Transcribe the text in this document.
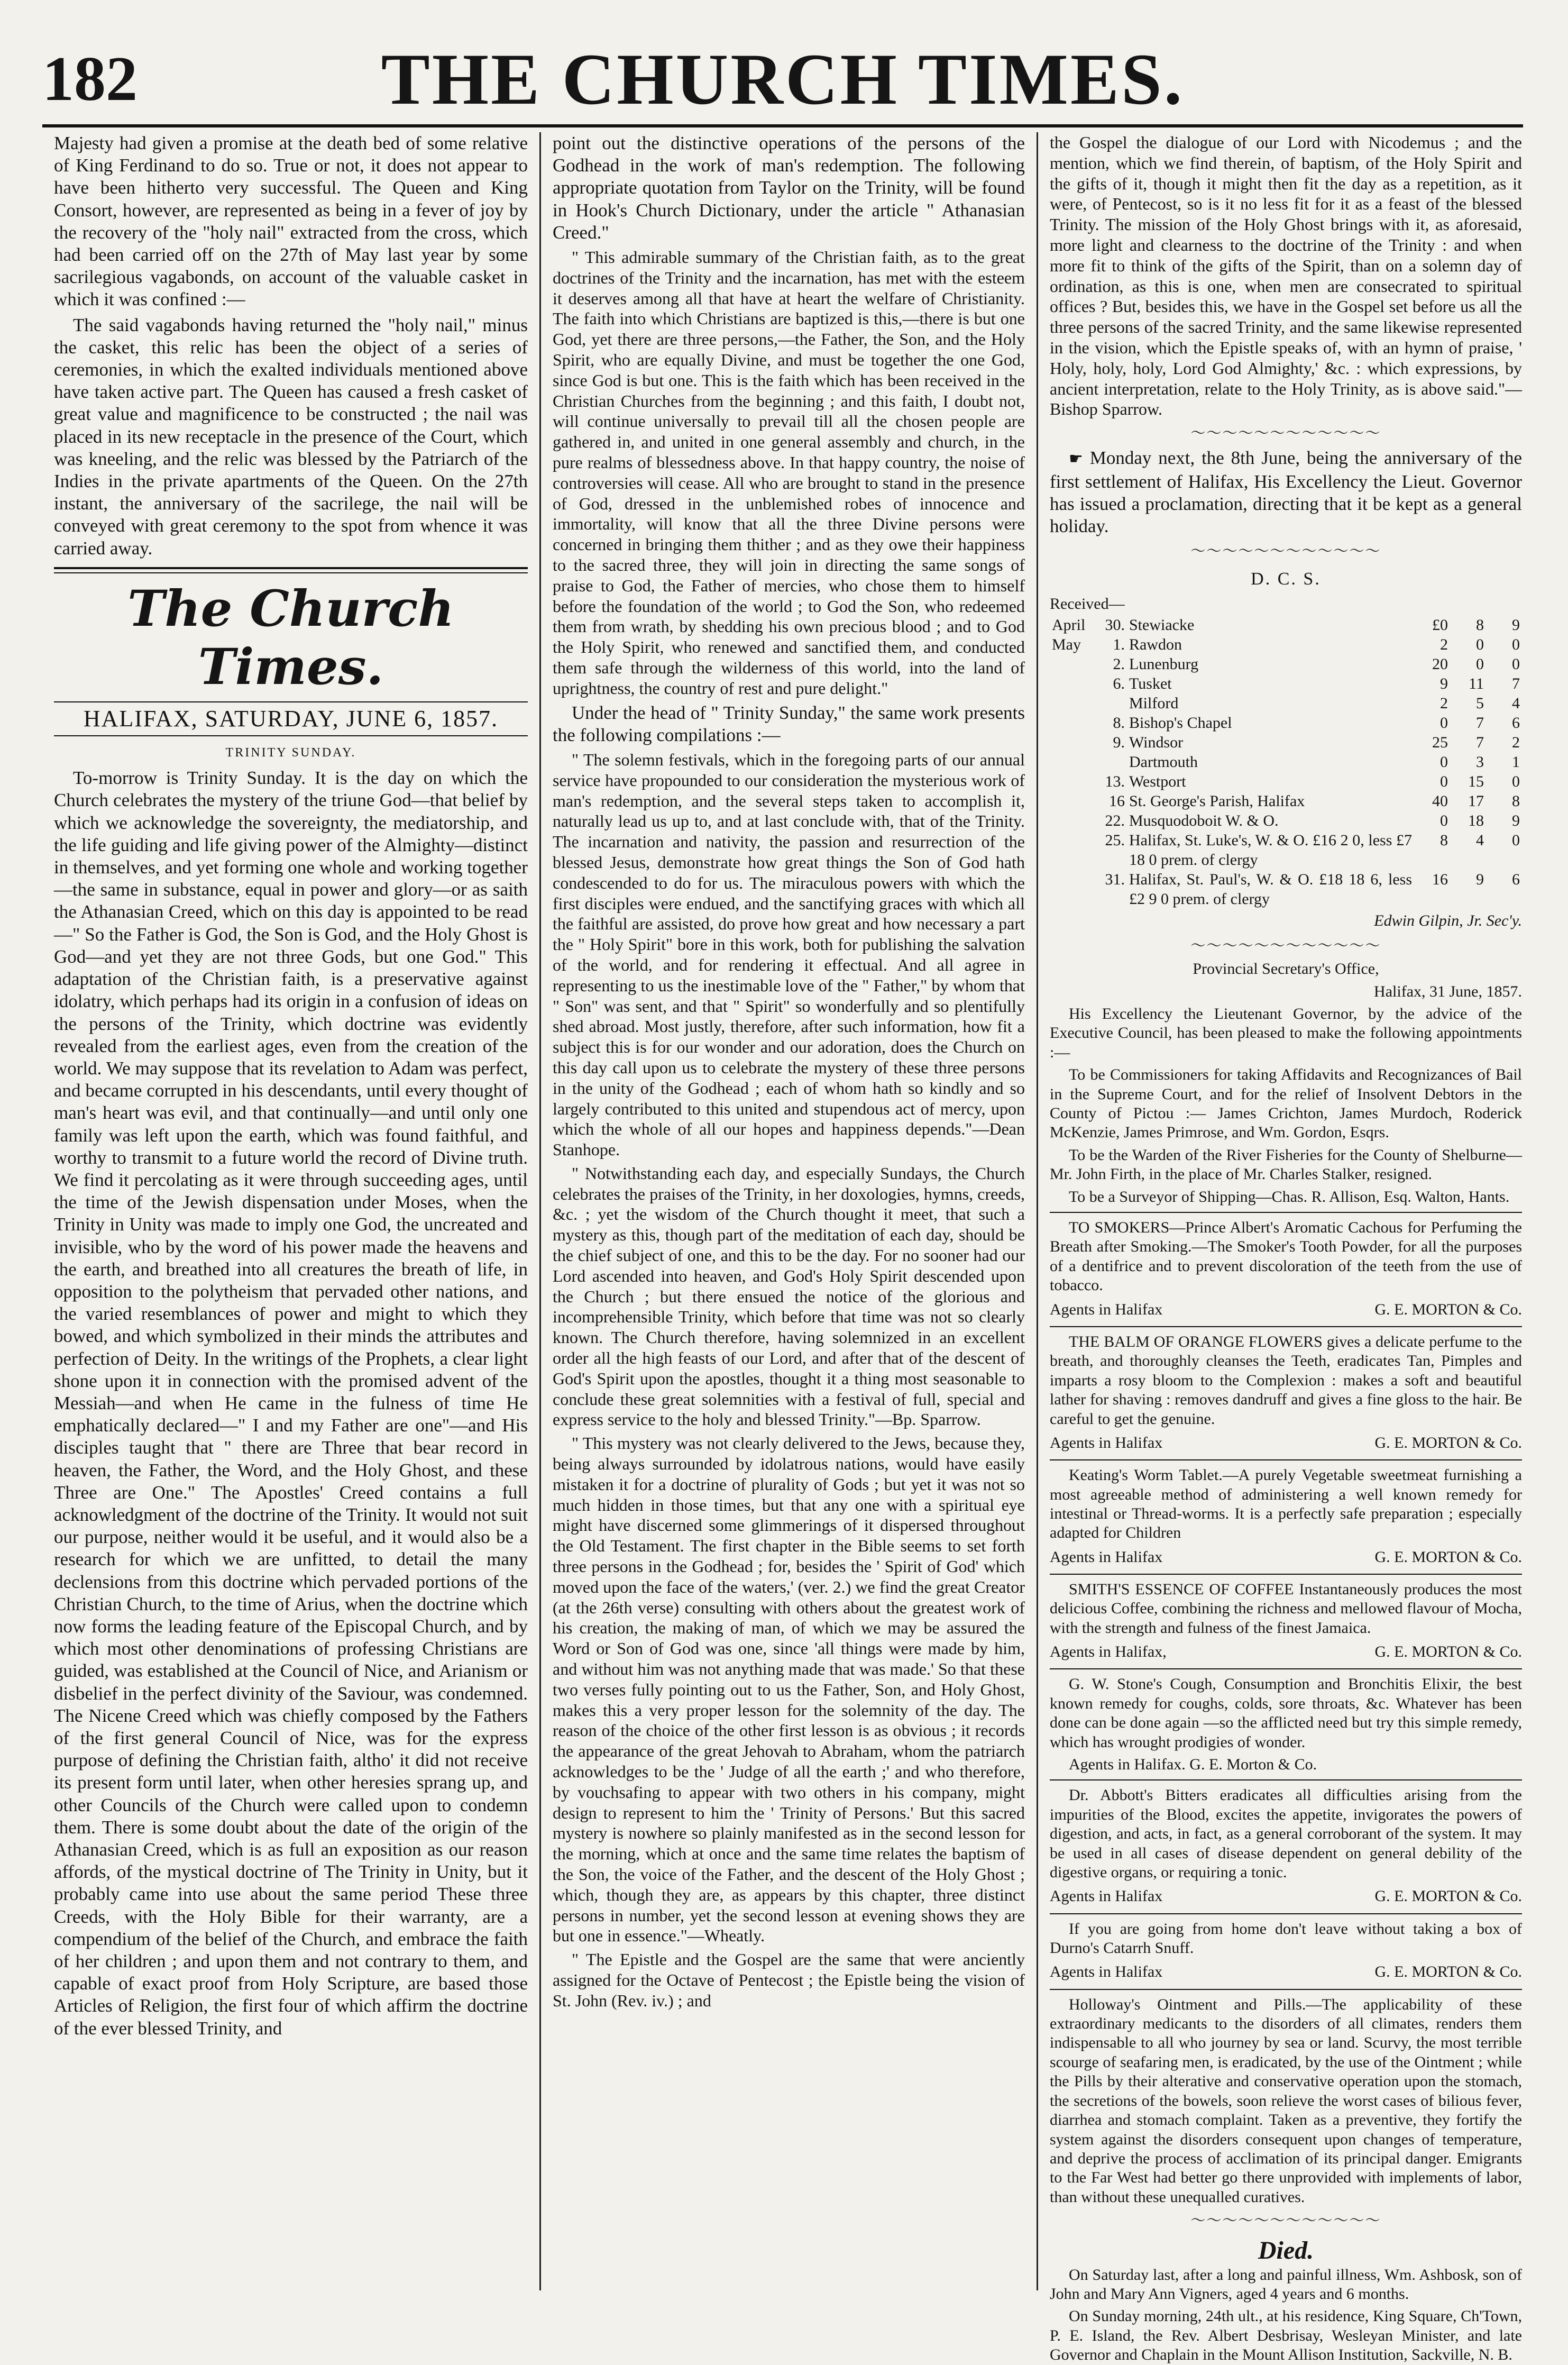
182	THE CHURCH TIMES.

Majesty had given a promise at the death bed of some relative of King Ferdinand to do so. True or not, it does not appear to have been hitherto very successful. The Queen and King Consort, however, are represented as being in a fever of joy by the recovery of the "holy nail" extracted from the cross, which had been carried off on the 27th of May last year by some sacrilegious vagabonds, on account of the valuable casket in which it was confined :—

The said vagabonds having returned the "holy nail," minus the casket, this relic has been the object of a series of ceremonies, in which the exalted individuals mentioned above have taken active part. The Queen has caused a fresh casket of great value and magnificence to be constructed ; the nail was placed in its new receptacle in the presence of the Court, which was kneeling, and the relic was blessed by the Patriarch of the Indies in the private apartments of the Queen. On the 27th instant, the anniversary of the sacrilege, the nail will be conveyed with great ceremony to the spot from whence it was carried away.

The Church Times.
HALIFAX, SATURDAY, JUNE 6, 1857.
TRINITY SUNDAY.

To-morrow is Trinity Sunday. It is the day on which the Church celebrates the mystery of the triune God—that belief by which we acknowledge the sovereignty, the mediatorship, and the life guiding and life giving power of the Almighty—distinct in themselves, and yet forming one whole and working together—the same in substance, equal in power and glory—or as saith the Athanasian Creed, which on this day is appointed to be read—" So the Father is God, the Son is God, and the Holy Ghost is God—and yet they are not three Gods, but one God." This adaptation of the Christian faith, is a preservative against idolatry, which perhaps had its origin in a confusion of ideas on the persons of the Trinity, which doctrine was evidently revealed from the earliest ages, even from the creation of the world. We may suppose that its revelation to Adam was perfect, and became corrupted in his descendants, until every thought of man's heart was evil, and that continually—and until only one family was left upon the earth, which was found faithful, and worthy to transmit to a future world the record of Divine truth. We find it percolating as it were through succeeding ages, until the time of the Jewish dispensation under Moses, when the Trinity in Unity was made to imply one God, the uncreated and invisible, who by the word of his power made the heavens and the earth, and breathed into all creatures the breath of life, in opposition to the polytheism that pervaded other nations, and the varied resemblances of power and might to which they bowed, and which symbolized in their minds the attributes and perfection of Deity. In the writings of the Prophets, a clear light shone upon it in connection with the promised advent of the Messiah—and when He came in the fulness of time He emphatically declared—" I and my Father are one"—and His disciples taught that " there are Three that bear record in heaven, the Father, the Word, and the Holy Ghost, and these Three are One." The Apostles' Creed contains a full acknowledgment of the doctrine of the Trinity. It would not suit our purpose, neither would it be useful, and it would also be a research for which we are unfitted, to detail the many declensions from this doctrine which pervaded portions of the Christian Church, to the time of Arius, when the doctrine which now forms the leading feature of the Episcopal Church, and by which most other denominations of professing Christians are guided, was established at the Council of Nice, and Arianism or disbelief in the perfect divinity of the Saviour, was condemned. The Nicene Creed which was chiefly composed by the Fathers of the first general Council of Nice, was for the express purpose of defining the Christian faith, altho' it did not receive its present form until later, when other heresies sprang up, and other Councils of the Church were called upon to condemn them. There is some doubt about the date of the origin of the Athanasian Creed, which is as full an exposition as our reason affords, of the mystical doctrine of The Trinity in Unity, but it probably came into use about the same period These three Creeds, with the Holy Bible for their warranty, are a compendium of the belief of the Church, and embrace the faith of her children ; and upon them and not contrary to them, and capable of exact proof from Holy Scripture, are based those Articles of Religion, the first four of which affirm the doctrine of the ever blessed Trinity, and

point out the distinctive operations of the persons of the Godhead in the work of man's redemption. The following appropriate quotation from Taylor on the Trinity, will be found in Hook's Church Dictionary, under the article " Athanasian Creed."

" This admirable summary of the Christian faith, as to the great doctrines of the Trinity and the incarnation, has met with the esteem it deserves among all that have at heart the welfare of Christianity. The faith into which Christians are baptized is this,—there is but one God, yet there are three persons,—the Father, the Son, and the Holy Spirit, who are equally Divine, and must be together the one God, since God is but one. This is the faith which has been received in the Christian Churches from the beginning ; and this faith, I doubt not, will continue universally to prevail till all the chosen people are gathered in, and united in one general assembly and church, in the pure realms of blessedness above. In that happy country, the noise of controversies will cease. All who are brought to stand in the presence of God, dressed in the unblemished robes of innocence and immortality, will know that all the three Divine persons were concerned in bringing them thither ; and as they owe their happiness to the sacred three, they will join in directing the same songs of praise to God, the Father of mercies, who chose them to himself before the foundation of the world ; to God the Son, who redeemed them from wrath, by shedding his own precious blood ; and to God the Holy Spirit, who renewed and sanctified them, and conducted them safe through the wilderness of this world, into the land of uprightness, the country of rest and pure delight."

Under the head of " Trinity Sunday," the same work presents the following compilations :—

" The solemn festivals, which in the foregoing parts of our annual service have propounded to our consideration the mysterious work of man's redemption, and the several steps taken to accomplish it, naturally lead us up to, and at last conclude with, that of the Trinity. The incarnation and nativity, the passion and resurrection of the blessed Jesus, demonstrate how great things the Son of God hath condescended to do for us. The miraculous powers with which the first disciples were endued, and the sanctifying graces with which all the faithful are assisted, do prove how great and how necessary a part the " Holy Spirit" bore in this work, both for publishing the salvation of the world, and for rendering it effectual. And all agree in representing to us the inestimable love of the " Father," by whom that " Son" was sent, and that " Spirit" so wonderfully and so plentifully shed abroad. Most justly, therefore, after such information, how fit a subject this is for our wonder and our adoration, does the Church on this day call upon us to celebrate the mystery of these three persons in the unity of the Godhead ; each of whom hath so kindly and so largely contributed to this united and stupendous act of mercy, upon which the whole of all our hopes and happiness depends."—Dean Stanhope.

" Notwithstanding each day, and especially Sundays, the Church celebrates the praises of the Trinity, in her doxologies, hymns, creeds, &c. ; yet the wisdom of the Church thought it meet, that such a mystery as this, though part of the meditation of each day, should be the chief subject of one, and this to be the day. For no sooner had our Lord ascended into heaven, and God's Holy Spirit descended upon the Church ; but there ensued the notice of the glorious and incomprehensible Trinity, which before that time was not so clearly known. The Church therefore, having solemnized in an excellent order all the high feasts of our Lord, and after that of the descent of God's Spirit upon the apostles, thought it a thing most seasonable to conclude these great solemnities with a festival of full, special and express service to the holy and blessed Trinity."—Bp. Sparrow.

" This mystery was not clearly delivered to the Jews, because they, being always surrounded by idolatrous nations, would have easily mistaken it for a doctrine of plurality of Gods ; but yet it was not so much hidden in those times, but that any one with a spiritual eye might have discerned some glimmerings of it dispersed throughout the Old Testament. The first chapter in the Bible seems to set forth three persons in the Godhead ; for, besides the ' Spirit of God' which moved upon the face of the waters,' (ver. 2.) we find the great Creator (at the 26th verse) consulting with others about the greatest work of his creation, the making of man, of which we may be assured the Word or Son of God was one, since 'all things were made by him, and without him was not anything made that was made.' So that these two verses fully pointing out to us the Father, Son, and Holy Ghost, makes this a very proper lesson for the solemnity of the day. The reason of the choice of the other first lesson is as obvious ; it records the appearance of the great Jehovah to Abraham, whom the patriarch acknowledges to be the ' Judge of all the earth ;' and who therefore, by vouchsafing to appear with two others in his company, might design to represent to him the ' Trinity of Persons.' But this sacred mystery is nowhere so plainly manifested as in the second lesson for the morning, which at once and the same time relates the baptism of the Son, the voice of the Father, and the descent of the Holy Ghost ; which, though they are, as appears by this chapter, three distinct persons in number, yet the second lesson at evening shows they are but one in essence."—Wheatly.

" The Epistle and the Gospel are the same that were anciently assigned for the Octave of Pentecost ; the Epistle being the vision of St. John (Rev. iv.) ; and

the Gospel the dialogue of our Lord with Nicodemus ; and the mention, which we find therein, of baptism, of the Holy Spirit and the gifts of it, though it might then fit the day as a repetition, as it were, of Pentecost, so is it no less fit for it as a feast of the blessed Trinity. The mission of the Holy Ghost brings with it, as aforesaid, more light and clearness to the doctrine of the Trinity : and when more fit to think of the gifts of the Spirit, than on a solemn day of ordination, as this is one, when men are consecrated to spiritual offices ? But, besides this, we have in the Gospel set before us all the three persons of the sacred Trinity, and the same likewise represented in the vision, which the Epistle speaks of, with an hymn of praise, ' Holy, holy, holy, Lord God Almighty,' &c. : which expressions, by ancient interpretation, relate to the Holy Trinity, as is above said."—Bishop Sparrow.

～～～～～～～～～～～～

☛ Monday next, the 8th June, being the anniversary of the first settlement of Halifax, His Excellency the Lieut. Governor has issued a proclamation, directing that it be kept as a general holiday.

～～～～～～～～～～～～
D. C. S.
Received—
April	30.	Stewiacke	£0	8	9
May	1.	Rawdon	2	0	0
	2.	Lunenburg	20	0	0
	6.	Tusket	9	11	7
		Milford	2	5	4
	8.	Bishop's Chapel	0	7	6
	9.	Windsor	25	7	2
		Dartmouth	0	3	1
	13.	Westport	0	15	0
	16	St. George's Parish, Halifax	40	17	8
	22.	Musquodoboit W. & O.	0	18	9
	25.	Halifax, St. Luke's, W. & O. £16 2 0, less £7 18 0 prem. of clergy	8	4	0
	31.	Halifax, St. Paul's, W. & O. £18 18 6, less £2 9 0 prem. of clergy	16	9	6
Edwin Gilpin, Jr. Sec'y.
～～～～～～～～～～～～

Provincial Secretary's Office,

Halifax, 31 June, 1857.

His Excellency the Lieutenant Governor, by the advice of the Executive Council, has been pleased to make the following appointments :—

To be Commissioners for taking Affidavits and Recognizances of Bail in the Supreme Court, and for the relief of Insolvent Debtors in the County of Pictou :— James Crichton, James Murdoch, Roderick McKenzie, James Primrose, and Wm. Gordon, Esqrs.

To be the Warden of the River Fisheries for the County of Shelburne—Mr. John Firth, in the place of Mr. Charles Stalker, resigned.

To be a Surveyor of Shipping—Chas. R. Allison, Esq. Walton, Hants.

TO SMOKERS—Prince Albert's Aromatic Cachous for Perfuming the Breath after Smoking.—The Smoker's Tooth Powder, for all the purposes of a dentifrice and to prevent discoloration of the teeth from the use of tobacco.

Agents in Halifax	G. E. MORTON & Co.

THE BALM OF ORANGE FLOWERS gives a delicate perfume to the breath, and thoroughly cleanses the Teeth, eradicates Tan, Pimples and imparts a rosy bloom to the Complexion : makes a soft and beautiful lather for shaving : removes dandruff and gives a fine gloss to the hair. Be careful to get the genuine.

Agents in Halifax	G. E. MORTON & Co.

Keating's Worm Tablet.—A purely Vegetable sweetmeat furnishing a most agreeable method of administering a well known remedy for intestinal or Thread-worms. It is a perfectly safe preparation ; especially adapted for Children

Agents in Halifax	G. E. MORTON & Co.

SMITH'S ESSENCE OF COFFEE Instantaneously produces the most delicious Coffee, combining the richness and mellowed flavour of Mocha, with the strength and fulness of the finest Jamaica.

Agents in Halifax,	G. E. MORTON & Co.

G. W. Stone's Cough, Consumption and Bronchitis Elixir, the best known remedy for coughs, colds, sore throats, &c. Whatever has been done can be done again —so the afflicted need but try this simple remedy, which has wrought prodigies of wonder.

Agents in Halifax. G. E. Morton & Co.

Dr. Abbott's Bitters eradicates all difficulties arising from the impurities of the Blood, excites the appetite, invigorates the powers of digestion, and acts, in fact, as a general corroborant of the system. It may be used in all cases of disease dependent on general debility of the digestive organs, or requiring a tonic.

Agents in Halifax	G. E. MORTON & Co.

If you are going from home don't leave without taking a box of Durno's Catarrh Snuff.

Agents in Halifax	G. E. MORTON & Co.

Holloway's Ointment and Pills.—The applicability of these extraordinary medicants to the disorders of all climates, renders them indispensable to all who journey by sea or land. Scurvy, the most terrible scourge of seafaring men, is eradicated, by the use of the Ointment ; while the Pills by their alterative and conservative operation upon the stomach, the secretions of the bowels, soon relieve the worst cases of bilious fever, diarrhea and stomach complaint. Taken as a preventive, they fortify the system against the disorders consequent upon changes of temperature, and deprive the process of acclimation of its principal danger. Emigrants to the Far West had better go there unprovided with implements of labor, than without these unequalled curatives.

～～～～～～～～～～～～
Died.

On Saturday last, after a long and painful illness, Wm. Ashbosk, son of John and Mary Ann Vigners, aged 4 years and 6 months.

On Sunday morning, 24th ult., at his residence, King Square, Ch'Town, P. E. Island, the Rev. Albert Desbrisay, Wesleyan Minister, and late Governor and Chaplain in the Mount Allison Institution, Sackville, N. B.
